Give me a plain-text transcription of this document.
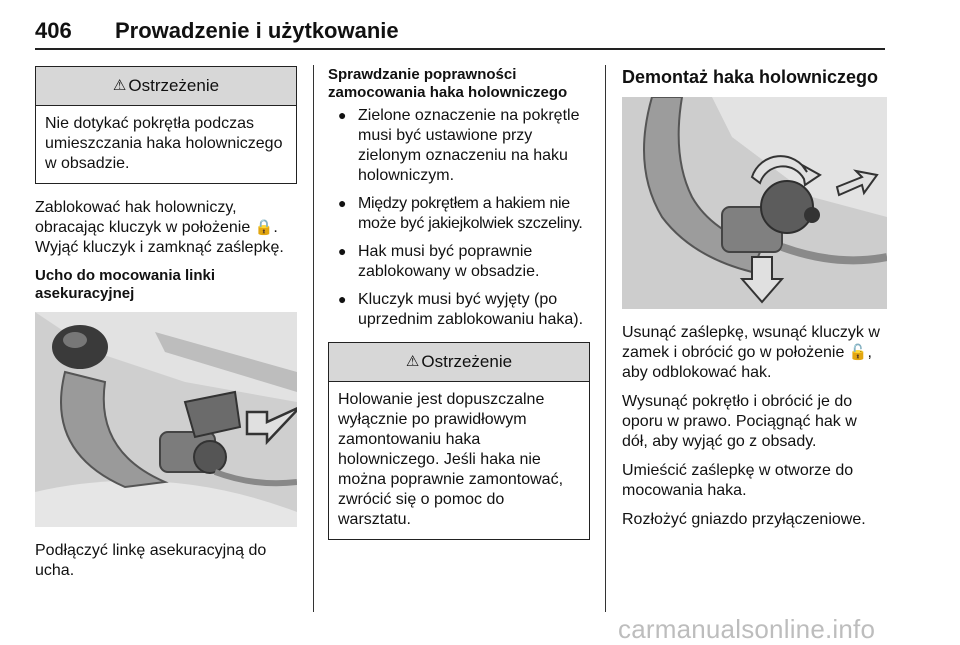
406 Prowadzenie i użytkowanie
⚠ Ostrzeżenie
Nie dotykać pokrętła podczas umieszczania haka holowniczego w obsadzie.

Zablokować hak holowniczy, obracając kluczyk w położenie 🔒. Wyjąć kluczyk i zamknąć zaślepkę.

Ucho do mocowania linki asekuracyjnej

Podłączyć linkę asekuracyjną do ucha.

Sprawdzanie poprawności zamocowania haka holowniczego

● Zielone oznaczenie na pokrętle musi być ustawione przy zielonym oznaczeniu na haku holowniczym.
● Między pokrętłem a hakiem nie może być jakiejkolwiek szczeliny.
● Hak musi być poprawnie zablokowany w obsadzie.
● Kluczyk musi być wyjęty (po uprzednim zablokowaniu haka).
⚠ Ostrzeżenie
Holowanie jest dopuszczalne wyłącznie po prawidłowym zamontowaniu haka holowniczego. Jeśli haka nie można poprawnie zamontować, zwrócić się o pomoc do warsztatu.

Demontaż haka holowniczego

Usunąć zaślepkę, wsunąć kluczyk w zamek i obrócić go w położenie 🔓, aby odblokować hak.

Wysunąć pokrętło i obrócić je do oporu w prawo. Pociągnąć hak w dół, aby wyjąć go z obsady.

Umieścić zaślepkę w otworze do mocowania haka.

Rozłożyć gniazdo przyłączeniowe.

carmanualsonline.info
